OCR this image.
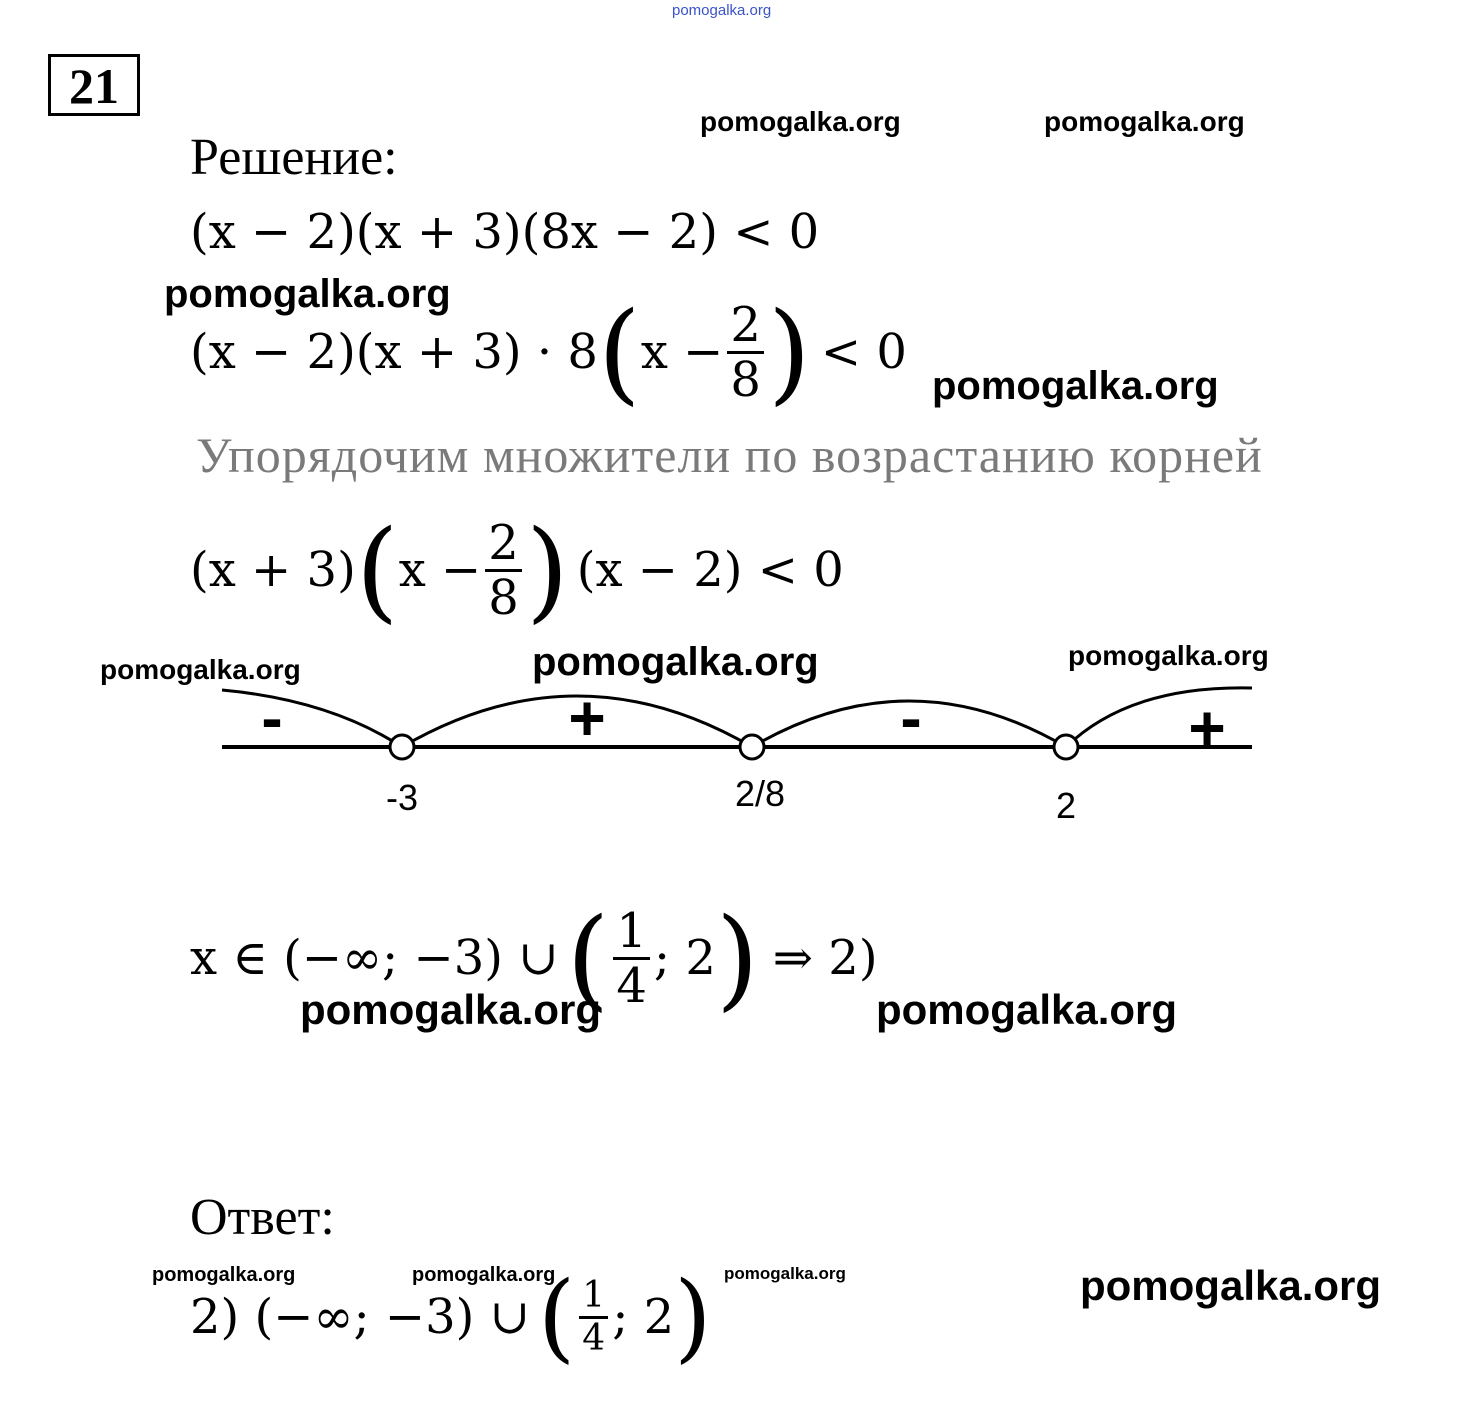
pomogalka.org
21
pomogalka.org	pomogalka.org
pomogalka.org
pomogalka.org
pomogalka.org	pomogalka.org	pomogalka.org
pomogalka.org	pomogalka.org
pomogalka.org	pomogalka.org	pomogalka.org	pomogalka.org
Решение:
(x − 2)(x + 3)(8x − 2) < 0
(x − 2)(x + 3) · 8 ( $x - \frac{2}{8}$ ) < 0
Упорядочим множители по возрастанию корней
(x + 3) ( $x - \frac{2}{8}$ ) (x − 2) < 0
-3	2/8	2
-	+	-	+
x ∈ (−∞; −3) ∪ ( $\frac{1}{4}$ ; 2 ) ⇒ 2)
Ответ:
2) (−∞; −3) ∪ ( $\frac{1}{4}$ ; 2 )
